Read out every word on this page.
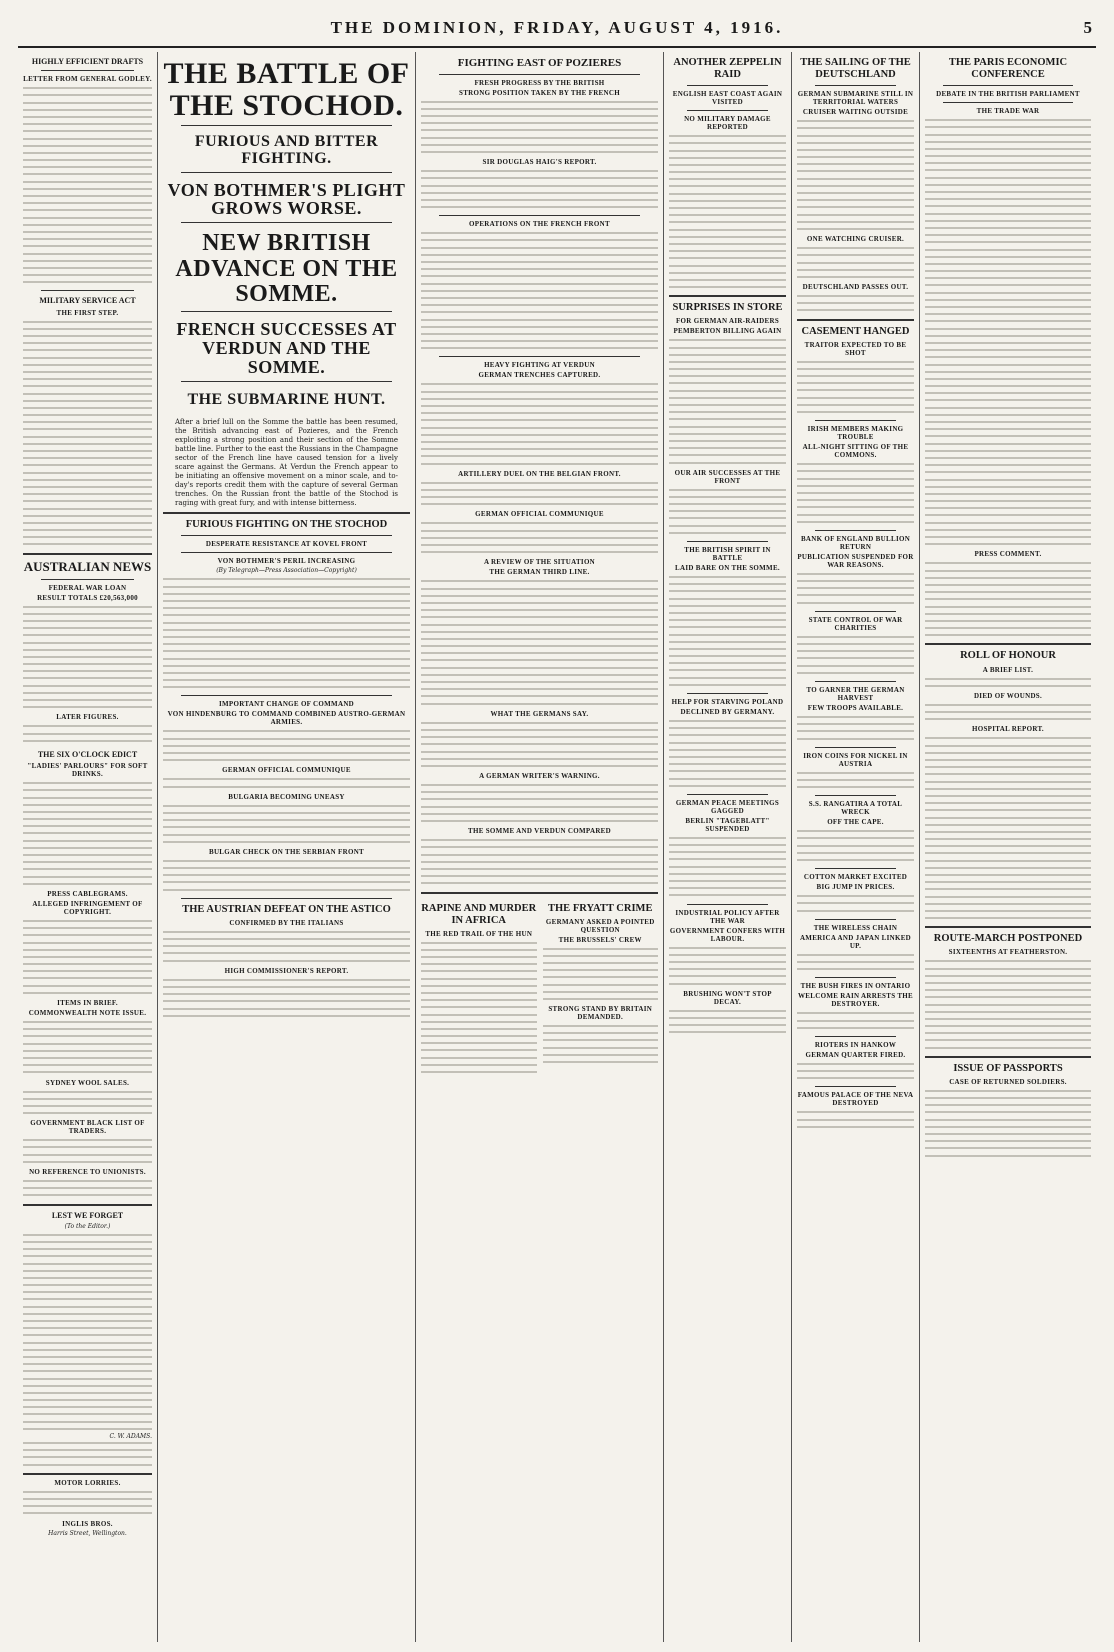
THE DOMINION, FRIDAY, AUGUST 4, 1916.	5
HIGHLY EFFICIENT DRAFTS
LETTER FROM GENERAL GODLEY.
MILITARY SERVICE ACT
THE FIRST STEP.
AUSTRALIAN NEWS
FEDERAL WAR LOAN
RESULT TOTALS £20,563,000
LATER FIGURES.
THE SIX O'CLOCK EDICT
"LADIES' PARLOURS" FOR SOFT DRINKS.
PRESS CABLEGRAMS.
ALLEGED INFRINGEMENT OF COPYRIGHT.
ITEMS IN BRIEF.
COMMONWEALTH NOTE ISSUE.
SYDNEY WOOL SALES.
GOVERNMENT BLACK LIST OF TRADERS.
NO REFERENCE TO UNIONISTS.
LEST WE FORGET
(To the Editor.)
C. W. ADAMS.
MOTOR LORRIES.
INGLIS BROS.
Harris Street, Wellington.
THE BATTLE OF THE STOCHOD.
FURIOUS AND BITTER FIGHTING.
VON BOTHMER'S PLIGHT GROWS WORSE.
NEW BRITISH ADVANCE ON THE SOMME.
FRENCH SUCCESSES AT VERDUN AND THE SOMME.
THE SUBMARINE HUNT.
After a brief lull on the Somme the battle has been resumed, the British advancing east of Pozieres, and the French exploiting a strong position and their section of the Somme battle line. Further to the east the Russians in the Champagne sector of the French line have caused tension for a lively scare against the Germans. At Verdun the French appear to be initiating an offensive movement on a minor scale, and to-day's reports credit them with the capture of several German trenches. On the Russian front the battle of the Stochod is raging with great fury, and with intense bitterness.
FURIOUS FIGHTING ON THE STOCHOD
DESPERATE RESISTANCE AT KOVEL FRONT
VON BOTHMER'S PERIL INCREASING
(By Telegraph—Press Association—Copyright)
IMPORTANT CHANGE OF COMMAND
VON HINDENBURG TO COMMAND COMBINED AUSTRO-GERMAN ARMIES.
GERMAN OFFICIAL COMMUNIQUE
BULGARIA BECOMING UNEASY
BULGAR CHECK ON THE SERBIAN FRONT
THE AUSTRIAN DEFEAT ON THE ASTICO
CONFIRMED BY THE ITALIANS
HIGH COMMISSIONER'S REPORT.
FIGHTING EAST OF POZIERES
FRESH PROGRESS BY THE BRITISH
STRONG POSITION TAKEN BY THE FRENCH
SIR DOUGLAS HAIG'S REPORT.
OPERATIONS ON THE FRENCH FRONT
HEAVY FIGHTING AT VERDUN
GERMAN TRENCHES CAPTURED.
ARTILLERY DUEL ON THE BELGIAN FRONT.
GERMAN OFFICIAL COMMUNIQUE
A REVIEW OF THE SITUATION
THE GERMAN THIRD LINE.
WHAT THE GERMANS SAY.
A GERMAN WRITER'S WARNING.
THE SOMME AND VERDUN COMPARED
RAPINE AND MURDER IN AFRICA
THE RED TRAIL OF THE HUN
THE FRYATT CRIME
GERMANY ASKED A POINTED QUESTION
THE BRUSSELS' CREW
STRONG STAND BY BRITAIN DEMANDED.
ANOTHER ZEPPELIN RAID
ENGLISH EAST COAST AGAIN VISITED
NO MILITARY DAMAGE REPORTED
SURPRISES IN STORE
FOR GERMAN AIR-RAIDERS
PEMBERTON BILLING AGAIN
OUR AIR SUCCESSES AT THE FRONT
THE BRITISH SPIRIT IN BATTLE
LAID BARE ON THE SOMME.
HELP FOR STARVING POLAND
DECLINED BY GERMANY.
GERMAN PEACE MEETINGS GAGGED
BERLIN "TAGEBLATT" SUSPENDED
INDUSTRIAL POLICY AFTER THE WAR
GOVERNMENT CONFERS WITH LABOUR.
BRUSHING WON'T STOP DECAY.
THE SAILING OF THE DEUTSCHLAND
GERMAN SUBMARINE STILL IN TERRITORIAL WATERS
CRUISER WAITING OUTSIDE
ONE WATCHING CRUISER.
DEUTSCHLAND PASSES OUT.
CASEMENT HANGED
TRAITOR EXPECTED TO BE SHOT
IRISH MEMBERS MAKING TROUBLE
ALL-NIGHT SITTING OF THE COMMONS.
BANK OF ENGLAND BULLION RETURN
PUBLICATION SUSPENDED FOR WAR REASONS.
STATE CONTROL OF WAR CHARITIES
TO GARNER THE GERMAN HARVEST
FEW TROOPS AVAILABLE.
IRON COINS FOR NICKEL IN AUSTRIA
S.S. RANGATIRA A TOTAL WRECK
OFF THE CAPE.
COTTON MARKET EXCITED
BIG JUMP IN PRICES.
THE WIRELESS CHAIN
AMERICA AND JAPAN LINKED UP.
THE BUSH FIRES IN ONTARIO
WELCOME RAIN ARRESTS THE DESTROYER.
RIOTERS IN HANKOW
GERMAN QUARTER FIRED.
FAMOUS PALACE OF THE NEVA DESTROYED
THE PARIS ECONOMIC CONFERENCE
DEBATE IN THE BRITISH PARLIAMENT
THE TRADE WAR
PRESS COMMENT.
ROLL OF HONOUR
A BRIEF LIST.
DIED OF WOUNDS.
HOSPITAL REPORT.
ROUTE-MARCH POSTPONED
SIXTEENTHS AT FEATHERSTON.
ISSUE OF PASSPORTS
CASE OF RETURNED SOLDIERS.
